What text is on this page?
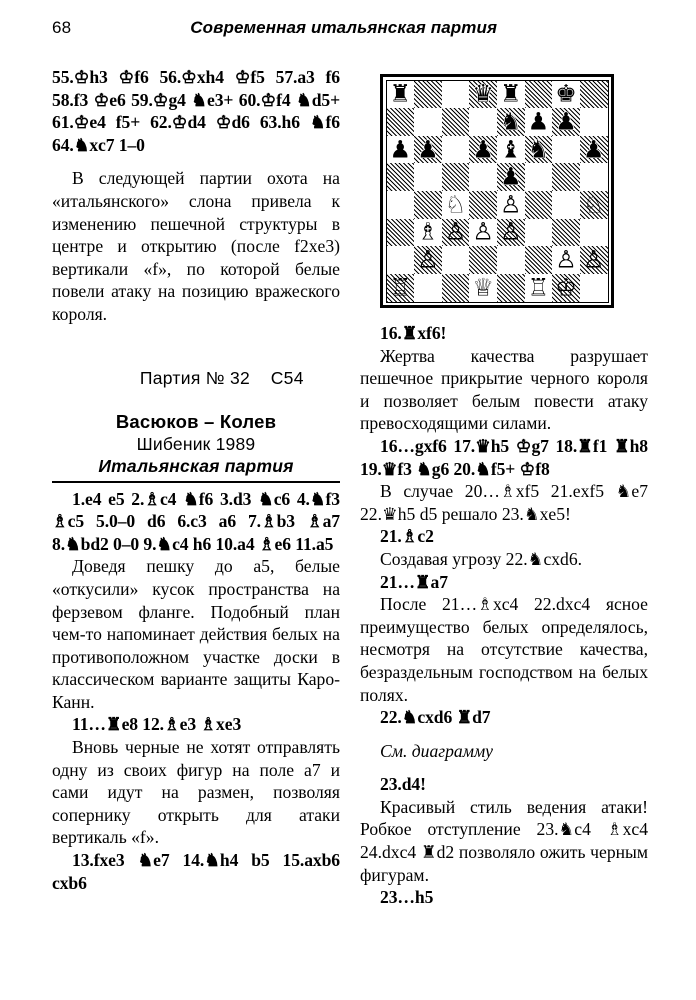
68	Современная итальянская партия

55.♔h3 ♔f6 56.♔xh4 ♔f5 57.a3 f6 58.f3 ♔e6 59.♔g4 ♞e3+ 60.♔f4 ♞d5+ 61.♔e4 f5+ 62.♔d4 ♔d6 63.h6 ♞f6 64.♞xc7 1–0

В следующей партии охота на «итальянского» слона привела к изменению пешечной структуры в центре и открытию (после f2xe3) вертикали «f», по которой белые повели атаку на позицию вражеского короля.

Партия № 32 C54

Васюков – Колев
Шибеник 1989
Итальянская партия

1.e4 e5 2.♗c4 ♞f6 3.d3 ♞c6 4.♞f3 ♗c5 5.0–0 d6 6.c3 a6 7.♗b3 ♗a7 8.♞bd2 0–0 9.♞c4 h6 10.a4 ♗e6 11.a5

Доведя пешку до a5, белые «откусили» кусок пространства на ферзевом фланге. Подобный план чем-то напоминает действия белых на противоположном участке доски в классическом варианте защиты Каро-Канн.

11…♜e8 12.♗e3 ♗xe3

Вновь черные не хотят отправлять одну из своих фигур на поле a7 и сами идут на размен, позволяя сопернику открыть для атаки вертикаль «f».

13.fxe3 ♞e7 14.♞h4 b5 15.axb6 cxb6

16.♜xf6!

Жертва качества разрушает пешечное прикрытие черного короля и позволяет белым повести атаку превосходящими силами.

16…gxf6 17.♛h5 ♔g7 18.♜f1 ♜h8 19.♛f3 ♞g6 20.♞f5+ ♔f8

В случае 20…♗xf5 21.exf5 ♞e7 22.♛h5 d5 решало 23.♞xe5!

21.♗c2

Создавая угрозу 22.♞cxd6.

21…♜a7

После 21…♗xc4 22.dxc4 ясное преимущество белых определялось, несмотря на отсутствие качества, безраздельным господством на белых полях.

22.♞cxd6 ♜d7

См. диаграмму

23.d4!

Красивый стиль ведения атаки! Робкое отступление 23.♞c4 ♗xc4 24.dxc4 ♜d2 позволяло ожить черным фигурам.

23…h5

♜	♛ ♜ ♚
♞ ♟ ♟
♟ ♟ ♟ ♝ ♞ ♟
♟
♘ ♙	♘
♗ ♙ ♙ ♙
♙	♙ ♙
♖	♕ ♖ ♔
